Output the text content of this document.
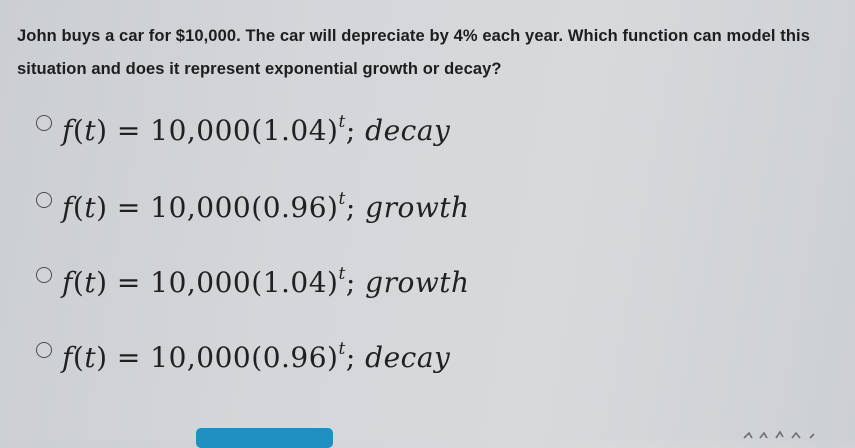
John buys a car for $10,000. The car will depreciate by 4% each year. Which function can model this situation and does it represent exponential growth or decay?
$f(t) = 10,000(1.04)^t$; decay
$f(t) = 10,000(0.96)^t$; growth
$f(t) = 10,000(1.04)^t$; growth
$f(t) = 10,000(0.96)^t$; decay
